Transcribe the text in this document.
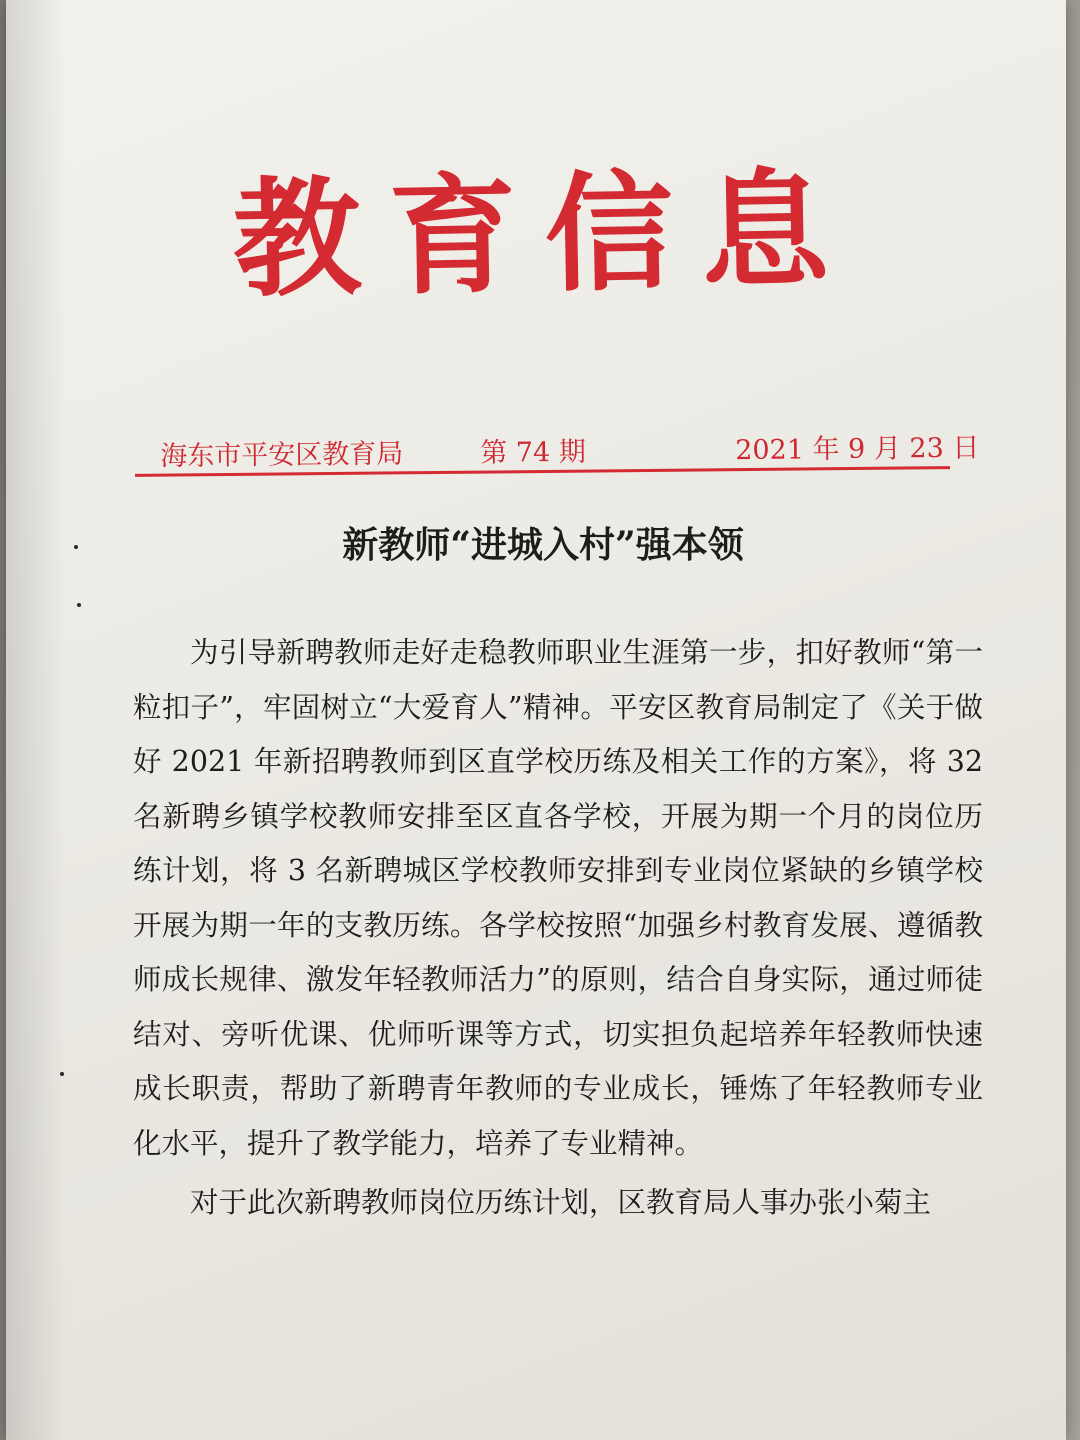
教育信息
海东市平安区教育局	第 74 期	2021 年 9 月 23 日
新教师“进城入村”强本领

为引导新聘教师走好走稳教师职业生涯第一步，扣好教师“第一粒扣子”，牢固树立“大爱育人”精神。平安区教育局制定了《关于做好 2021 年新招聘教师到区直学校历练及相关工作的方案》，将 32 名新聘乡镇学校教师安排至区直各学校，开展为期一个月的岗位历练计划，将 3 名新聘城区学校教师安排到专业岗位紧缺的乡镇学校开展为期一年的支教历练。各学校按照“加强乡村教育发展、遵循教师成长规律、激发年轻教师活力”的原则，结合自身实际，通过师徒结对、旁听优课、优师听课等方式，切实担负起培养年轻教师快速成长职责，帮助了新聘青年教师的专业成长，锤炼了年轻教师专业化水平，提升了教学能力，培养了专业精神。

对于此次新聘教师岗位历练计划，区教育局人事办张小菊主
